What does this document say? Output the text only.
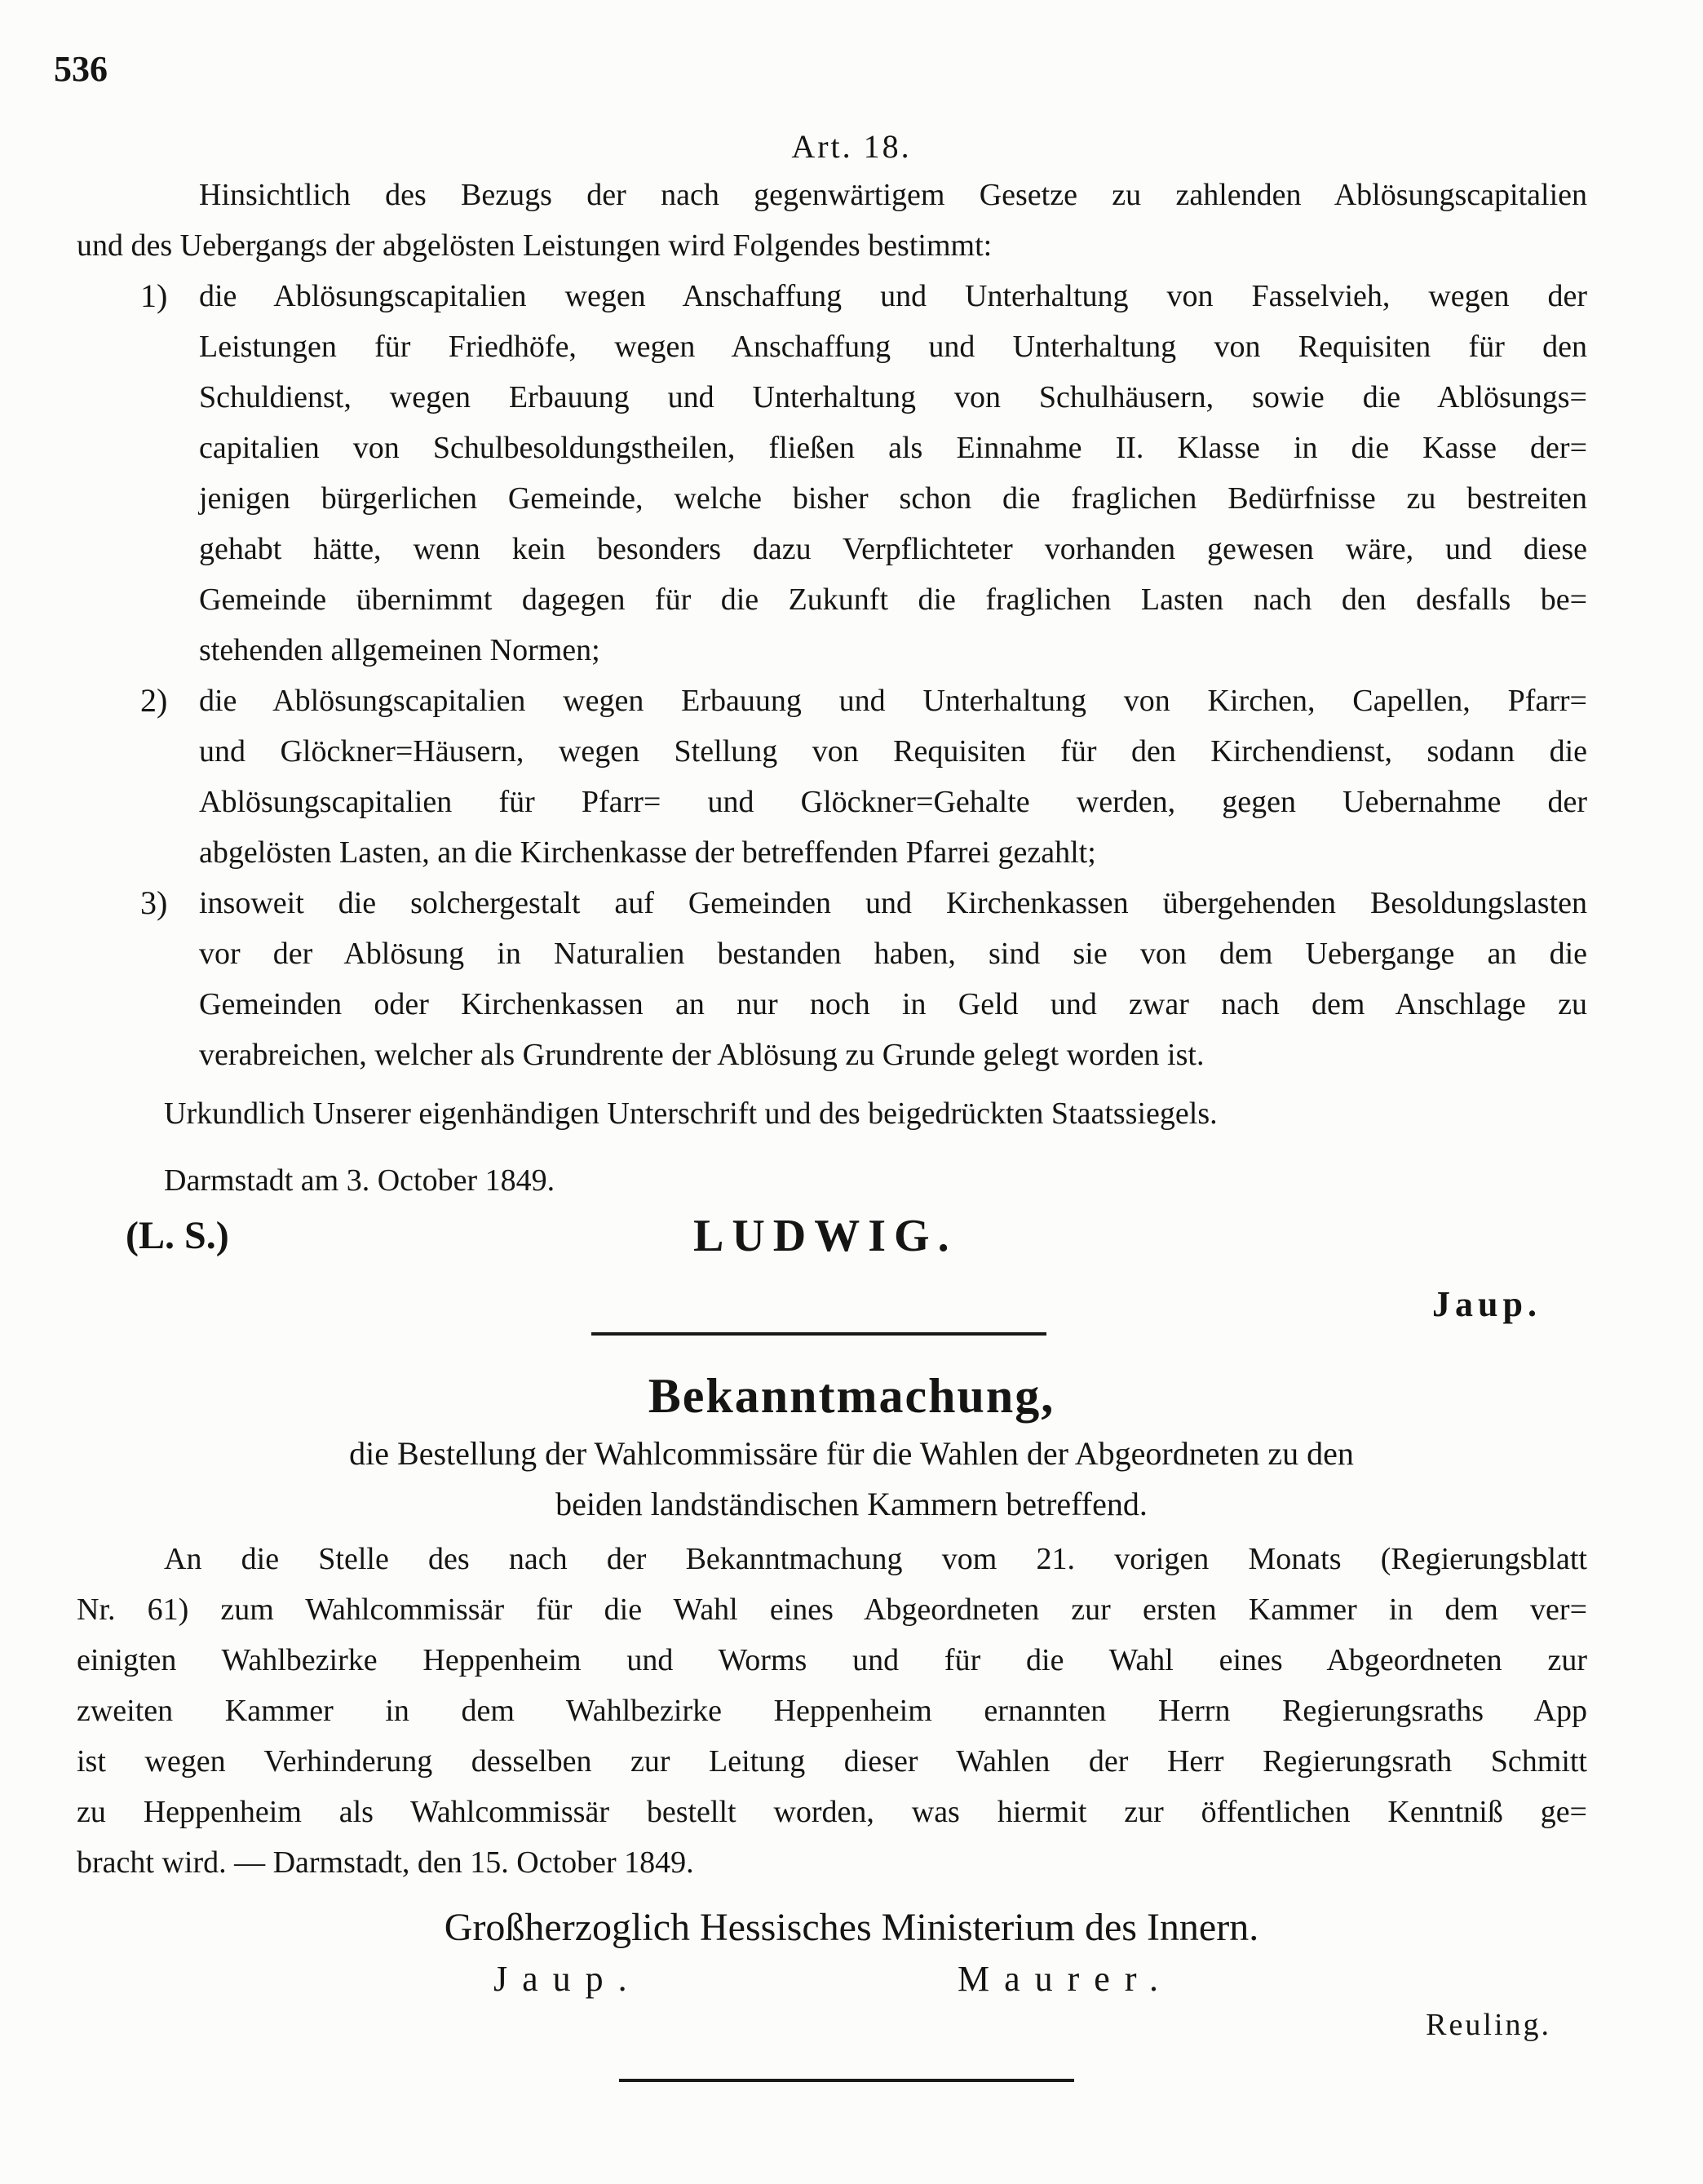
536
Art. 18.
Hinsichtlich des Bezugs der nach gegenwärtigem Gesetze zu zahlenden Ablösungscapitalien
und des Uebergangs der abgelösten Leistungen wird Folgendes bestimmt:
1) die Ablösungscapitalien wegen Anschaffung und Unterhaltung von Fasselvieh, wegen der
Leistungen für Friedhöfe, wegen Anschaffung und Unterhaltung von Requisiten für den
Schuldienst, wegen Erbauung und Unterhaltung von Schulhäusern, sowie die Ablösungs=
capitalien von Schulbesoldungstheilen, fließen als Einnahme II. Klasse in die Kasse der=
jenigen bürgerlichen Gemeinde, welche bisher schon die fraglichen Bedürfnisse zu bestreiten
gehabt hätte, wenn kein besonders dazu Verpflichteter vorhanden gewesen wäre, und diese
Gemeinde übernimmt dagegen für die Zukunft die fraglichen Lasten nach den desfalls be=
stehenden allgemeinen Normen;
2) die Ablösungscapitalien wegen Erbauung und Unterhaltung von Kirchen, Capellen, Pfarr=
und Glöckner=Häusern, wegen Stellung von Requisiten für den Kirchendienst, sodann die
Ablösungscapitalien für Pfarr= und Glöckner=Gehalte werden, gegen Uebernahme der
abgelösten Lasten, an die Kirchenkasse der betreffenden Pfarrei gezahlt;
3) insoweit die solchergestalt auf Gemeinden und Kirchenkassen übergehenden Besoldungslasten
vor der Ablösung in Naturalien bestanden haben, sind sie von dem Uebergange an die
Gemeinden oder Kirchenkassen an nur noch in Geld und zwar nach dem Anschlage zu
verabreichen, welcher als Grundrente der Ablösung zu Grunde gelegt worden ist.
Urkundlich Unserer eigenhändigen Unterschrift und des beigedrückten Staatssiegels.
Darmstadt am 3. October 1849.
(L. S.)	LUDWIG.
Jaup.
Bekanntmachung,
die Bestellung der Wahlcommissäre für die Wahlen der Abgeordneten zu den
beiden landständischen Kammern betreffend.
An die Stelle des nach der Bekanntmachung vom 21. vorigen Monats (Regierungsblatt
Nr. 61) zum Wahlcommissär für die Wahl eines Abgeordneten zur ersten Kammer in dem ver=
einigten Wahlbezirke Heppenheim und Worms und für die Wahl eines Abgeordneten zur
zweiten Kammer in dem Wahlbezirke Heppenheim ernannten Herrn Regierungsraths App
ist wegen Verhinderung desselben zur Leitung dieser Wahlen der Herr Regierungsrath Schmitt
zu Heppenheim als Wahlcommissär bestellt worden, was hiermit zur öffentlichen Kenntniß ge=
bracht wird. — Darmstadt, den 15. October 1849.
Großherzoglich Hessisches Ministerium des Innern.
Jaup.	Maurer.
Reuling.
